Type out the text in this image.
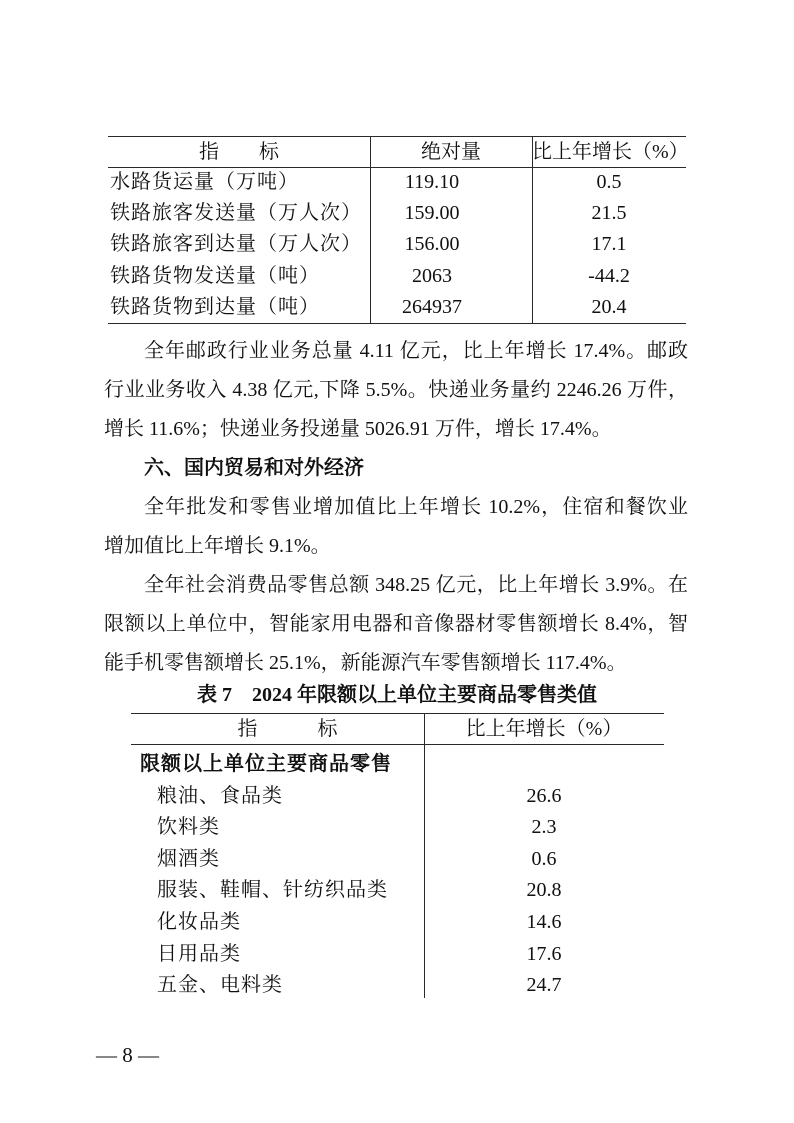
指　　标	绝对量	比上年增长（%）
水路货运量（万吨）	119.10	0.5
铁路旅客发送量（万人次）	159.00	21.5
铁路旅客到达量（万人次）	156.00	17.1
铁路货物发送量（吨）	2063	-44.2
铁路货物到达量（吨）	264937	20.4
全年邮政行业业务总量 4.11 亿元，比上年增长 17.4%。邮政
行业业务收入 4.38 亿元,下降 5.5%。快递业务量约 2246.26 万件，
增长 11.6%；快递业务投递量 5026.91 万件，增长 17.4%。
六、国内贸易和对外经济
全年批发和零售业增加值比上年增长 10.2%，住宿和餐饮业
增加值比上年增长 9.1%。
全年社会消费品零售总额 348.25 亿元，比上年增长 3.9%。在
限额以上单位中，智能家用电器和音像器材零售额增长 8.4%，智
能手机零售额增长 25.1%，新能源汽车零售额增长 117.4%。
表 7　2024 年限额以上单位主要商品零售类值
指　　　标	比上年增长（%）
限额以上单位主要商品零售
粮油、食品类	26.6
饮料类	2.3
烟酒类	0.6
服装、鞋帽、针纺织品类	20.8
化妆品类	14.6
日用品类	17.6
五金、电料类	24.7
— 8 —
